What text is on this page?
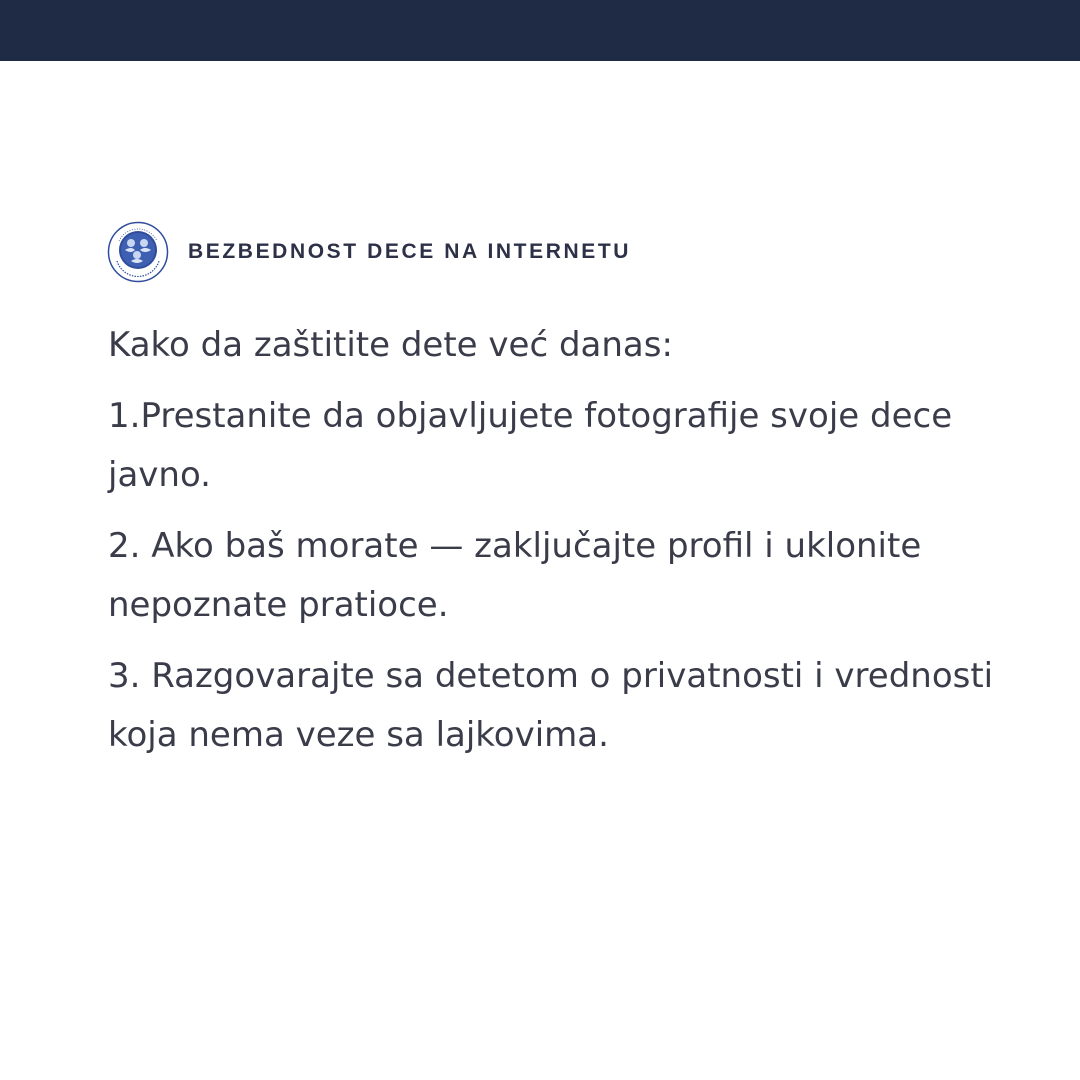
BEZBEDNOST DECE NA INTERNETU

Kako da zaštitite dete već danas:

1.Prestanite da objavljujete fotografije svoje dece javno.

2. Ako baš morate — zaključajte profil i uklonite nepoznate pratioce.

3. Razgovarajte sa detetom o privatnosti i vrednosti koja nema veze sa lajkovima.
